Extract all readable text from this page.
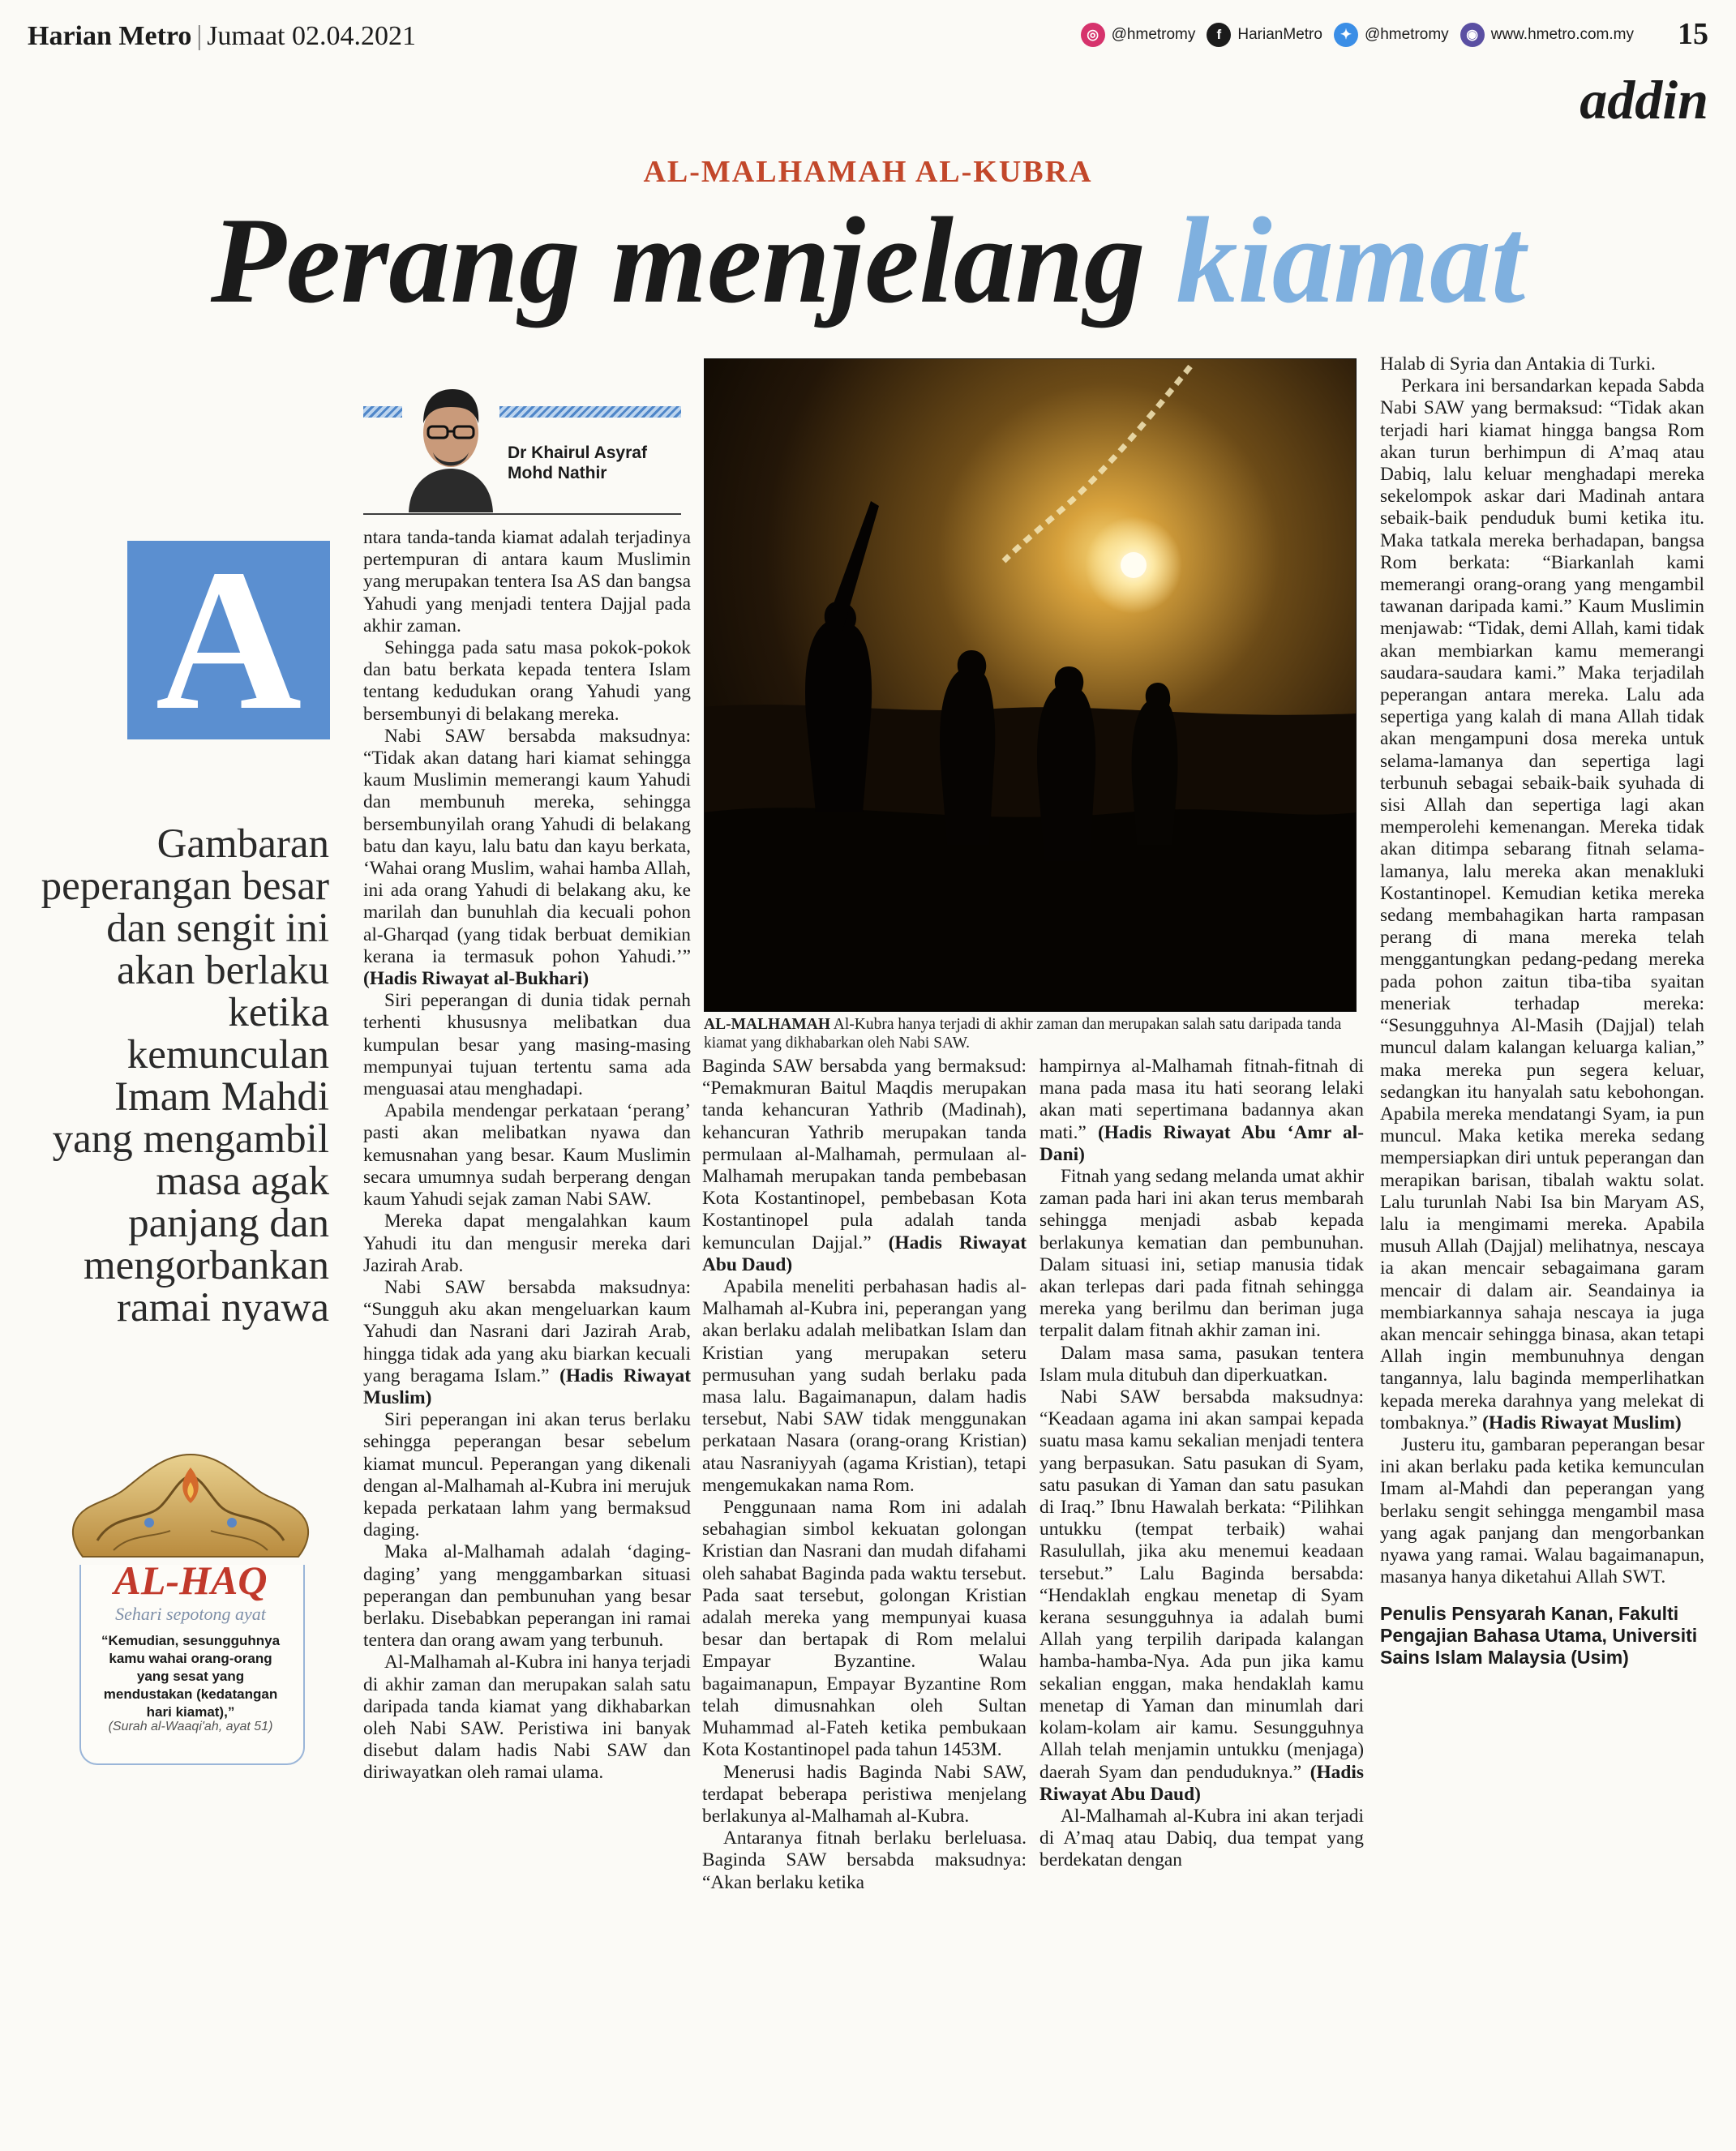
Harian Metro | Jumaat 02.04.2021	◎ @hmetromy	f	HarianMetro	✦ @hmetromy	◉ www.hmetro.com.my 15
addin
AL-MALHAMAH AL-KUBRA
Perang menjelang kiamat
Dr Khairul Asyraf
Mohd Nathir
A
Gambaran peperangan besar dan sengit ini akan berlaku ketika kemunculan Imam Mahdi yang mengambil masa agak panjang dan mengorbankan ramai nyawa
AL-HAQ
Sehari sepotong ayat
“Kemudian, sesungguhnya kamu wahai orang-orang yang sesat yang mendustakan (kedatangan hari kiamat),”
(Surah al-Waaqi'ah, ayat 51)
AL-MALHAMAH Al-Kubra hanya terjadi di akhir zaman dan merupakan salah satu daripada tanda kiamat yang dikhabarkan oleh Nabi SAW.

ntara tanda-tanda kiamat adalah terjadinya pertempuran di antara kaum Muslimin yang merupakan tentera Isa AS dan bangsa Yahudi yang menjadi tentera Dajjal pada akhir zaman.

Sehingga pada satu masa pokok-pokok dan batu berkata kepada tentera Islam tentang kedudukan orang Yahudi yang bersembunyi di belakang mereka.

Nabi SAW bersabda maksudnya: “Tidak akan datang hari kiamat sehingga kaum Muslimin memerangi kaum Yahudi dan membunuh mereka, sehingga bersembunyilah orang Yahudi di belakang batu dan kayu, lalu batu dan kayu berkata, ‘Wahai orang Muslim, wahai hamba Allah, ini ada orang Yahudi di belakang aku, ke marilah dan bunuhlah dia kecuali pohon al-Gharqad (yang tidak berbuat demikian kerana ia termasuk pohon Yahudi.’” (Hadis Riwayat al-Bukhari)

Siri peperangan di dunia tidak pernah terhenti khususnya melibatkan dua kumpulan besar yang masing-masing mempunyai tujuan tertentu sama ada menguasai atau menghadapi.

Apabila mendengar perkataan ‘perang’ pasti akan melibatkan nyawa dan kemusnahan yang besar. Kaum Muslimin secara umumnya sudah berperang dengan kaum Yahudi sejak zaman Nabi SAW.

Mereka dapat mengalahkan kaum Yahudi itu dan mengusir mereka dari Jazirah Arab.

Nabi SAW bersabda maksudnya: “Sungguh aku akan mengeluarkan kaum Yahudi dan Nasrani dari Jazirah Arab, hingga tidak ada yang aku biarkan kecuali yang beragama Islam.” (Hadis Riwayat Muslim)

Siri peperangan ini akan terus berlaku sehingga peperangan besar sebelum kiamat muncul. Peperangan yang dikenali dengan al-Malhamah al-Kubra ini merujuk kepada perkataan lahm yang bermaksud daging.

Maka al-Malhamah adalah ‘daging-daging’ yang menggambarkan situasi peperangan dan pembunuhan yang besar berlaku. Disebabkan peperangan ini ramai tentera dan orang awam yang terbunuh.

Al-Malhamah al-Kubra ini hanya terjadi di akhir zaman dan merupakan salah satu daripada tanda kiamat yang dikhabarkan oleh Nabi SAW. Peristiwa ini banyak disebut dalam hadis Nabi SAW dan diriwayatkan oleh ramai ulama.

Baginda SAW bersabda yang bermaksud: “Pemakmuran Baitul Maqdis merupakan tanda kehancuran Yathrib (Madinah), kehancuran Yathrib merupakan tanda permulaan al-Malhamah, permulaan al-Malhamah merupakan tanda pembebasan Kota Kostantinopel, pembebasan Kota Kostantinopel pula adalah tanda kemunculan Dajjal.” (Hadis Riwayat Abu Daud)

Apabila meneliti perbahasan hadis al-Malhamah al-Kubra ini, peperangan yang akan berlaku adalah melibatkan Islam dan Kristian yang merupakan seteru permusuhan yang sudah berlaku pada masa lalu. Bagaimanapun, dalam hadis tersebut, Nabi SAW tidak menggunakan perkataan Nasara (orang-orang Kristian) atau Nasraniyyah (agama Kristian), tetapi mengemukakan nama Rom.

Penggunaan nama Rom ini adalah sebahagian simbol kekuatan golongan Kristian dan Nasrani dan mudah difahami oleh sahabat Baginda pada waktu tersebut. Pada saat tersebut, golongan Kristian adalah mereka yang mempunyai kuasa besar dan bertapak di Rom melalui Empayar Byzantine. Walau bagaimanapun, Empayar Byzantine Rom telah dimusnahkan oleh Sultan Muhammad al-Fateh ketika pembukaan Kota Kostantinopel pada tahun 1453M.

Menerusi hadis Baginda Nabi SAW, terdapat beberapa peristiwa menjelang berlakunya al-Malhamah al-Kubra.

Antaranya fitnah berlaku berleluasa. Baginda SAW bersabda maksudnya: “Akan berlaku ketika

hampirnya al-Malhamah fitnah-fitnah di mana pada masa itu hati seorang lelaki akan mati sepertimana badannya akan mati.” (Hadis Riwayat Abu ‘Amr al-Dani)

Fitnah yang sedang melanda umat akhir zaman pada hari ini akan terus membarah sehingga menjadi asbab kepada berlakunya kematian dan pembunuhan. Dalam situasi ini, setiap manusia tidak akan terlepas dari pada fitnah sehingga mereka yang berilmu dan beriman juga terpalit dalam fitnah akhir zaman ini.

Dalam masa sama, pasukan tentera Islam mula ditubuh dan diperkuatkan.

Nabi SAW bersabda maksudnya: “Keadaan agama ini akan sampai kepada suatu masa kamu sekalian menjadi tentera yang berpasukan. Satu pasukan di Syam, satu pasukan di Yaman dan satu pasukan di Iraq.” Ibnu Hawalah berkata: “Pilihkan untukku (tempat terbaik) wahai Rasulullah, jika aku menemui keadaan tersebut.” Lalu Baginda bersabda: “Hendaklah engkau menetap di Syam kerana sesungguhnya ia adalah bumi Allah yang terpilih daripada kalangan hamba-hamba-Nya. Ada pun jika kamu sekalian enggan, maka hendaklah kamu menetap di Yaman dan minumlah dari kolam-kolam air kamu. Sesungguhnya Allah telah menjamin untukku (menjaga) daerah Syam dan penduduknya.” (Hadis Riwayat Abu Daud)

Al-Malhamah al-Kubra ini akan terjadi di A’maq atau Dabiq, dua tempat yang berdekatan dengan

Halab di Syria dan Antakia di Turki.

Perkara ini bersandarkan kepada Sabda Nabi SAW yang bermaksud: “Tidak akan terjadi hari kiamat hingga bangsa Rom akan turun berhimpun di A’maq atau Dabiq, lalu keluar menghadapi mereka sekelompok askar dari Madinah antara sebaik-baik penduduk bumi ketika itu. Maka tatkala mereka berhadapan, bangsa Rom berkata: “Biarkanlah kami memerangi orang-orang yang mengambil tawanan daripada kami.” Kaum Muslimin menjawab: “Tidak, demi Allah, kami tidak akan membiarkan kamu memerangi saudara-saudara kami.” Maka terjadilah peperangan antara mereka. Lalu ada sepertiga yang kalah di mana Allah tidak akan mengampuni dosa mereka untuk selama-lamanya dan sepertiga lagi terbunuh sebagai sebaik-baik syuhada di sisi Allah dan sepertiga lagi akan memperolehi kemenangan. Mereka tidak akan ditimpa sebarang fitnah selama-lamanya, lalu mereka akan menakluki Kostantinopel. Kemudian ketika mereka sedang membahagikan harta rampasan perang di mana mereka telah menggantungkan pedang-pedang mereka pada pohon zaitun tiba-tiba syaitan meneriak terhadap mereka: “Sesungguhnya Al-Masih (Dajjal) telah muncul dalam kalangan keluarga kalian,” maka mereka pun segera keluar, sedangkan itu hanyalah satu kebohongan. Apabila mereka mendatangi Syam, ia pun muncul. Maka ketika mereka sedang mempersiapkan diri untuk peperangan dan merapikan barisan, tibalah waktu solat. Lalu turunlah Nabi Isa bin Maryam AS, lalu ia mengimami mereka. Apabila musuh Allah (Dajjal) melihatnya, nescaya ia akan mencair sebagaimana garam mencair di dalam air. Seandainya ia membiarkannya sahaja nescaya ia juga akan mencair sehingga binasa, akan tetapi Allah ingin membunuhnya dengan tangannya, lalu baginda memperlihatkan kepada mereka darahnya yang melekat di tombaknya.” (Hadis Riwayat Muslim)

Justeru itu, gambaran peperangan besar ini akan berlaku pada ketika kemunculan Imam al-Mahdi dan peperangan yang berlaku sengit sehingga mengambil masa yang agak panjang dan mengorbankan nyawa yang ramai. Walau bagaimanapun, masanya hanya diketahui Allah SWT.

Penulis Pensyarah Kanan, Fakulti Pengajian Bahasa Utama, Universiti Sains Islam Malaysia (Usim)
